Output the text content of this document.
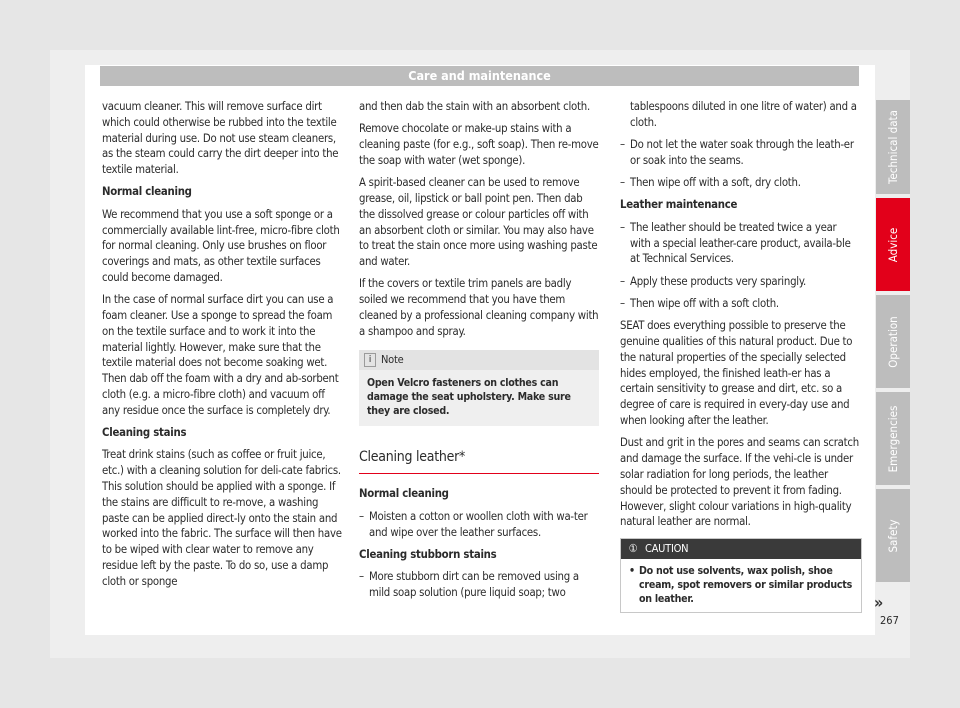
Care and maintenance

vacuum cleaner. This will remove surface dirt which could otherwise be rubbed into the textile material during use. Do not use steam cleaners, as the steam could carry the dirt deeper into the textile material.

Normal cleaning

We recommend that you use a soft sponge or a commercially available lint-free, micro-fibre cloth for normal cleaning. Only use brushes on floor coverings and mats, as other textile surfaces could become damaged.

In the case of normal surface dirt you can use a foam cleaner. Use a sponge to spread the foam on the textile surface and to work it into the material lightly. However, make sure that the textile material does not become soaking wet. Then dab off the foam with a dry and ab-sorbent cloth (e.g. a micro-fibre cloth) and vacuum off any residue once the surface is completely dry.

Cleaning stains

Treat drink stains (such as coffee or fruit juice, etc.) with a cleaning solution for deli-cate fabrics. This solution should be applied with a sponge. If the stains are difficult to re-move, a washing paste can be applied direct-ly onto the stain and worked into the fabric. The surface will then have to be wiped with clear water to remove any residue left by the paste. To do so, use a damp cloth or sponge

and then dab the stain with an absorbent cloth.

Remove chocolate or make-up stains with a cleaning paste (for e.g., soft soap). Then re-move the soap with water (wet sponge).

A spirit-based cleaner can be used to remove grease, oil, lipstick or ball point pen. Then dab the dissolved grease or colour particles off with an absorbent cloth or similar. You may also have to treat the stain once more using washing paste and water.

If the covers or textile trim panels are badly soiled we recommend that you have them cleaned by a professional cleaning company with a shampoo and spray.

i Note
Open Velcro fasteners on clothes can damage the seat upholstery. Make sure they are closed.
Cleaning leather*

Normal cleaning

– Moisten a cotton or woollen cloth with wa-ter and wipe over the leather surfaces.

Cleaning stubborn stains

– More stubborn dirt can be removed using a mild soap solution (pure liquid soap; two

tablespoons diluted in one litre of water) and a cloth.

– Do not let the water soak through the leath-er or soak into the seams.

– Then wipe off with a soft, dry cloth.

Leather maintenance

– The leather should be treated twice a year with a special leather-care product, availa-ble at Technical Services.

– Apply these products very sparingly.

– Then wipe off with a soft cloth.

SEAT does everything possible to preserve the genuine qualities of this natural product. Due to the natural properties of the specially selected hides employed, the finished leath-er has a certain sensitivity to grease and dirt, etc. so a degree of care is required in every-day use and when looking after the leather.

Dust and grit in the pores and seams can scratch and damage the surface. If the vehi-cle is under solar radiation for long periods, the leather should be protected to prevent it from fading. However, slight colour variations in high-quality natural leather are normal.

① CAUTION
• Do not use solvents, wax polish, shoe cream, spot removers or similar products on leather.	»
Technical data
Advice
Operation
Emergencies
Safety
267
